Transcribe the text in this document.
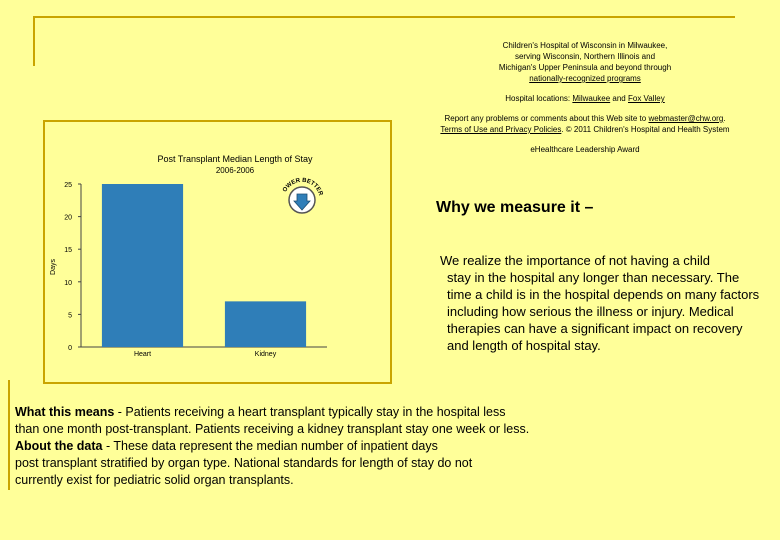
Children's Hospital of Wisconsin in Milwaukee,
serving Wisconsin, Northern Illinois and
Michigan's Upper Peninsula and beyond through
nationally-recognized programs

Hospital locations: Milwaukee and Fox Valley

Report any problems or comments about this Web site to webmaster@chw.org.
Terms of Use and Privacy Policies. © 2011 Children's Hospital and Health System

eHealthcare Leadership Award

Post Transplant Median Length of Stay
2006-2006
Days
0
5
10
15
20
25
Heart	Kidney
OWER BETTER
Why we measure it –
We realize the importance of not having a child
stay in the hospital any longer than necessary. The time a child is in the hospital depends on many factors including how serious the illness or injury. Medical therapies can have a significant impact on recovery and length of hospital stay.
What this means - Patients receiving a heart transplant typically stay in the hospital less
than one month post-transplant. Patients receiving a kidney transplant stay one week or less.
About the data - These data represent the median number of inpatient days
post transplant stratified by organ type. National standards for length of stay do not
currently exist for pediatric solid organ transplants.
